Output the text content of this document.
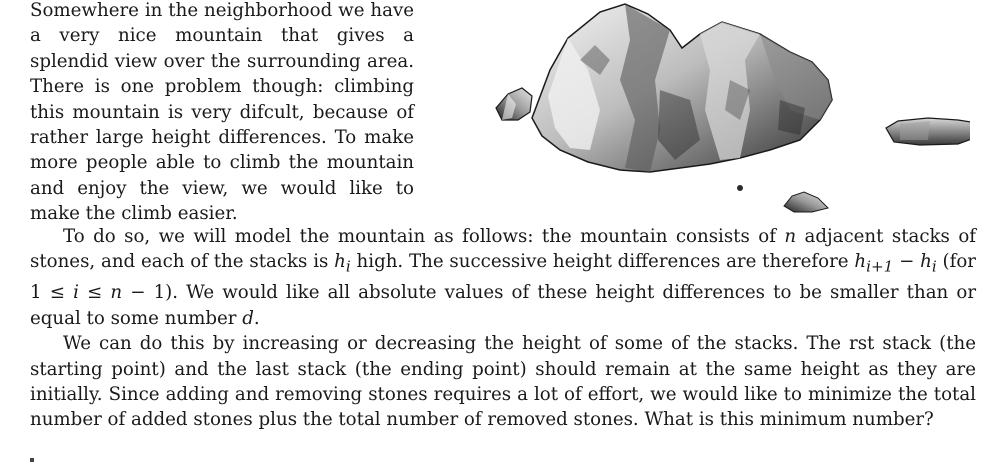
Somewhere in the neighborhood we have a very nice mountain that gives a splendid view over the surrounding area. There is one problem though: climbing this mountain is very difcult, because of rather large height differences. To make more people able to climb the mountain and enjoy the view, we would like to make the climb easier.

To do so, we will model the mountain as follows: the mountain consists of n adjacent stacks of stones, and each of the stacks is $h_i$ high. The successive height differences are therefore $h_{i+1} - h_i$ (for 1 ≤ i ≤ n − 1). We would like all absolute values of these height differences to be smaller than or equal to some number d.

We can do this by increasing or decreasing the height of some of the stacks. The rst stack (the starting point) and the last stack (the ending point) should remain at the same height as they are initially. Since adding and removing stones requires a lot of effort, we would like to minimize the total number of added stones plus the total number of removed stones. What is this minimum number?
